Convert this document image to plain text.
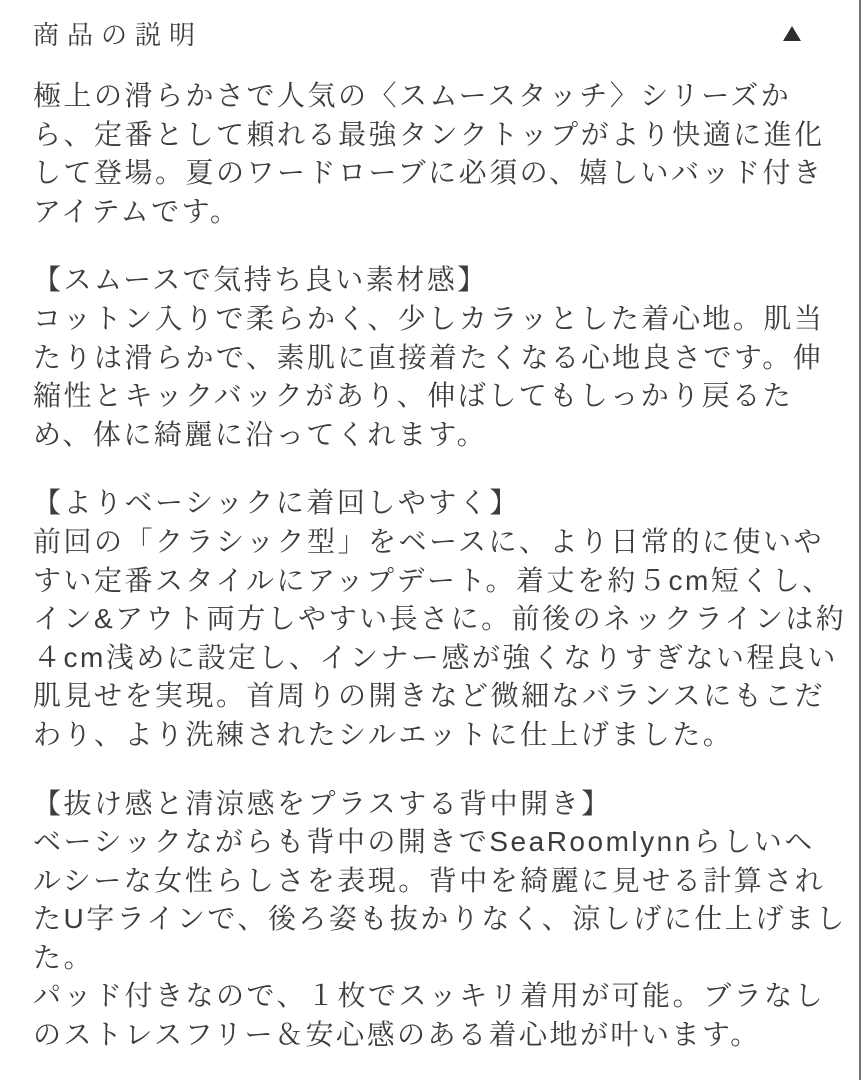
商品の説明
極上の滑らかさで人気の〈スムースタッチ〉シリーズか
ら、定番として頼れる最強タンクトップがより快適に進化
して登場。夏のワードローブに必須の、嬉しいバッド付き
アイテムです。
【スムースで気持ち良い素材感】
コットン入りで柔らかく、少しカラッとした着心地。肌当
たりは滑らかで、素肌に直接着たくなる心地良さです。伸
縮性とキックバックがあり、伸ばしてもしっかり戻るた
め、体に綺麗に沿ってくれます。
【よりベーシックに着回しやすく】
前回の「クラシック型」をベースに、より日常的に使いや
すい定番スタイルにアップデート。着丈を約５cm短くし、
イン&アウト両方しやすい長さに。前後のネックラインは約
４cm浅めに設定し、インナー感が強くなりすぎない程良い
肌見せを実現。首周りの開きなど微細なバランスにもこだ
わり、より洗練されたシルエットに仕上げました。
【抜け感と清涼感をプラスする背中開き】
ベーシックながらも背中の開きでSeaRoomlynnらしいヘ
ルシーな女性らしさを表現。背中を綺麗に見せる計算され
たU字ラインで、後ろ姿も抜かりなく、涼しげに仕上げまし
た。
パッド付きなので、１枚でスッキリ着用が可能。ブラなし
のストレスフリー＆安心感のある着心地が叶います。
